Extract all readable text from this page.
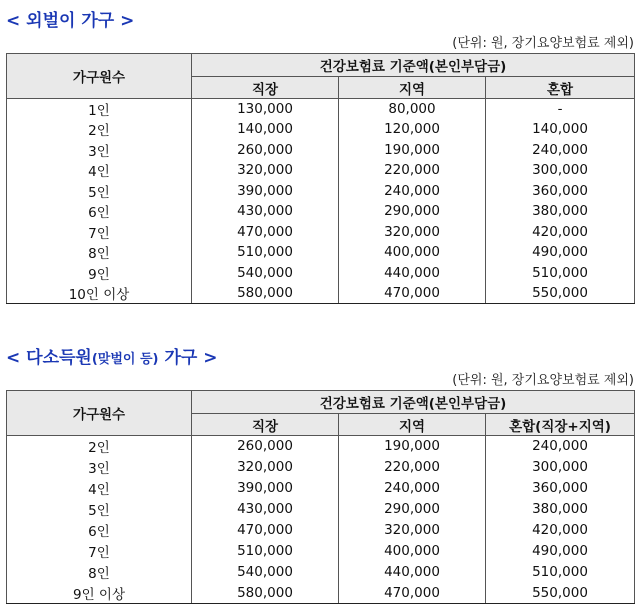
< 외벌이 가구 >
(단위: 원, 장기요양보험료 제외)
가구원수	건강보험료 기준액(본인부담금)		
	직장	지역	혼합
1인	130,000	80,000	-
2인	140,000	120,000	140,000
3인	260,000	190,000	240,000
4인	320,000	220,000	300,000
5인	390,000	240,000	360,000
6인	430,000	290,000	380,000
7인	470,000	320,000	420,000
8인	510,000	400,000	490,000
9인	540,000	440,000	510,000
10인 이상	580,000	470,000	550,000
< 다소득원(맞벌이 등) 가구 >
(단위: 원, 장기요양보험료 제외)
가구원수	건강보험료 기준액(본인부담금)		
	직장	지역	혼합(직장+지역)
2인	260,000	190,000	240,000
3인	320,000	220,000	300,000
4인	390,000	240,000	360,000
5인	430,000	290,000	380,000
6인	470,000	320,000	420,000
7인	510,000	400,000	490,000
8인	540,000	440,000	510,000
9인 이상	580,000	470,000	550,000
